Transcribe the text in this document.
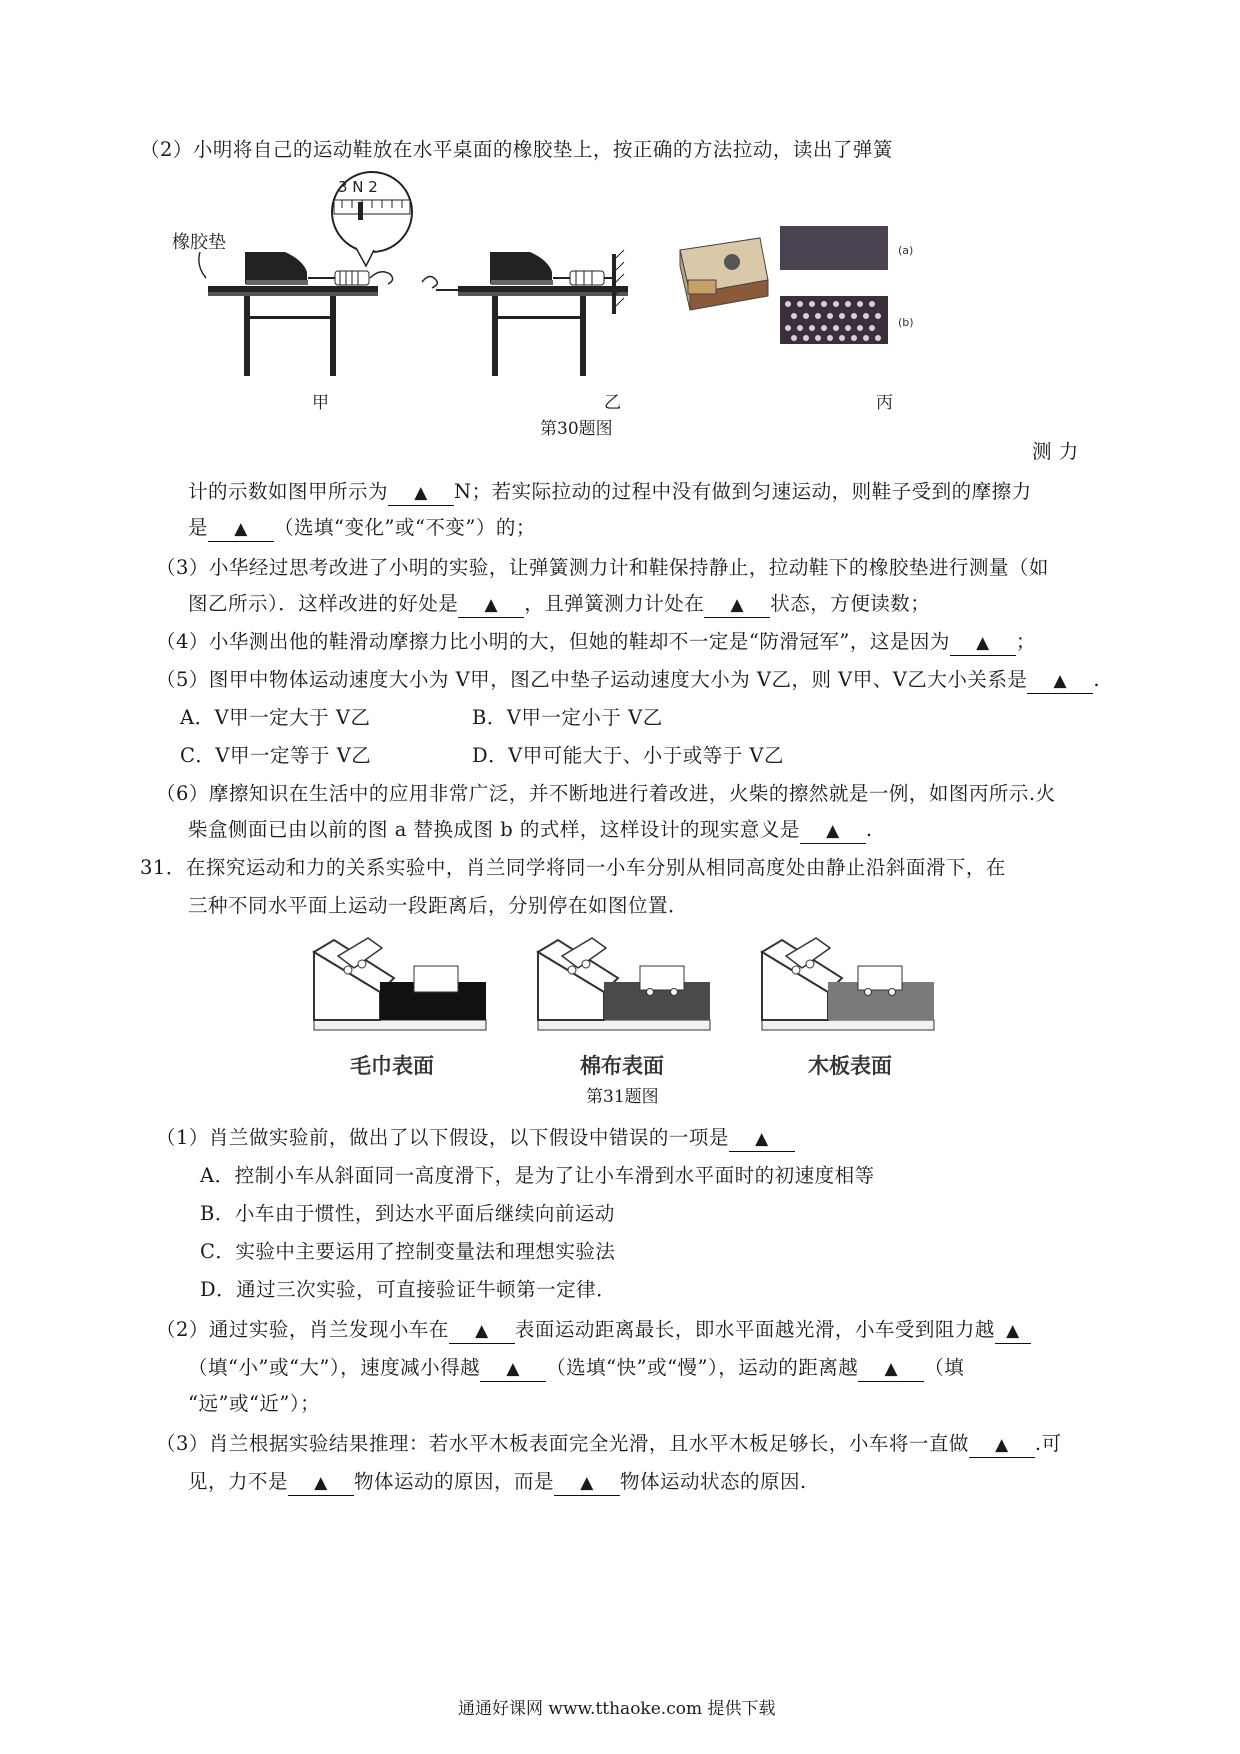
（2）小明将自己的运动鞋放在水平桌面的橡胶垫上，按正确的方法拉动，读出了弹簧
橡胶垫
3 N 2
(a)
(b)
甲	乙	丙
第30题图
测 力
计的示数如图甲所示为 ▲ N；若实际拉动的过程中没有做到匀速运动，则鞋子受到的摩擦力
是 ▲ （选填“变化”或“不变”）的；
（3）小华经过思考改进了小明的实验，让弹簧测力计和鞋保持静止，拉动鞋下的橡胶垫进行测量（如
图乙所示）．这样改进的好处是 ▲ ，且弹簧测力计处在 ▲ 状态，方便读数；
（4）小华测出他的鞋滑动摩擦力比小明的大，但她的鞋却不一定是“防滑冠军”，这是因为 ▲ ；
（5）图甲中物体运动速度大小为 V甲，图乙中垫子运动速度大小为 V乙，则 V甲、V乙大小关系是 ▲ .
A．V甲一定大于 V乙	B．V甲一定小于 V乙
C．V甲一定等于 V乙	D．V甲可能大于、小于或等于 V乙
（6）摩擦知识在生活中的应用非常广泛，并不断地进行着改进，火柴的擦然就是一例，如图丙所示.火
柴盒侧面已由以前的图 a 替换成图 b 的式样，这样设计的现实意义是 ▲ .
31．在探究运动和力的关系实验中，肖兰同学将同一小车分别从相同高度处由静止沿斜面滑下，在
三种不同水平面上运动一段距离后，分别停在如图位置．
毛巾表面	棉布表面	木板表面
第31题图
（1）肖兰做实验前，做出了以下假设，以下假设中错误的一项是 ▲
A．控制小车从斜面同一高度滑下，是为了让小车滑到水平面时的初速度相等
B．小车由于惯性，到达水平面后继续向前运动
C．实验中主要运用了控制变量法和理想实验法
D．通过三次实验，可直接验证牛顿第一定律．
（2）通过实验，肖兰发现小车在 ▲ 表面运动距离最长，即水平面越光滑，小车受到阻力越 ▲
（填“小”或“大”），速度减小得越 ▲ （选填“快”或“慢”），运动的距离越 ▲ （填
“远”或“近”）；
（3）肖兰根据实验结果推理：若水平木板表面完全光滑，且水平木板足够长，小车将一直做 ▲ .可
见，力不是 ▲ 物体运动的原因，而是 ▲ 物体运动状态的原因.
通通好课网 www.tthaoke.com 提供下载
